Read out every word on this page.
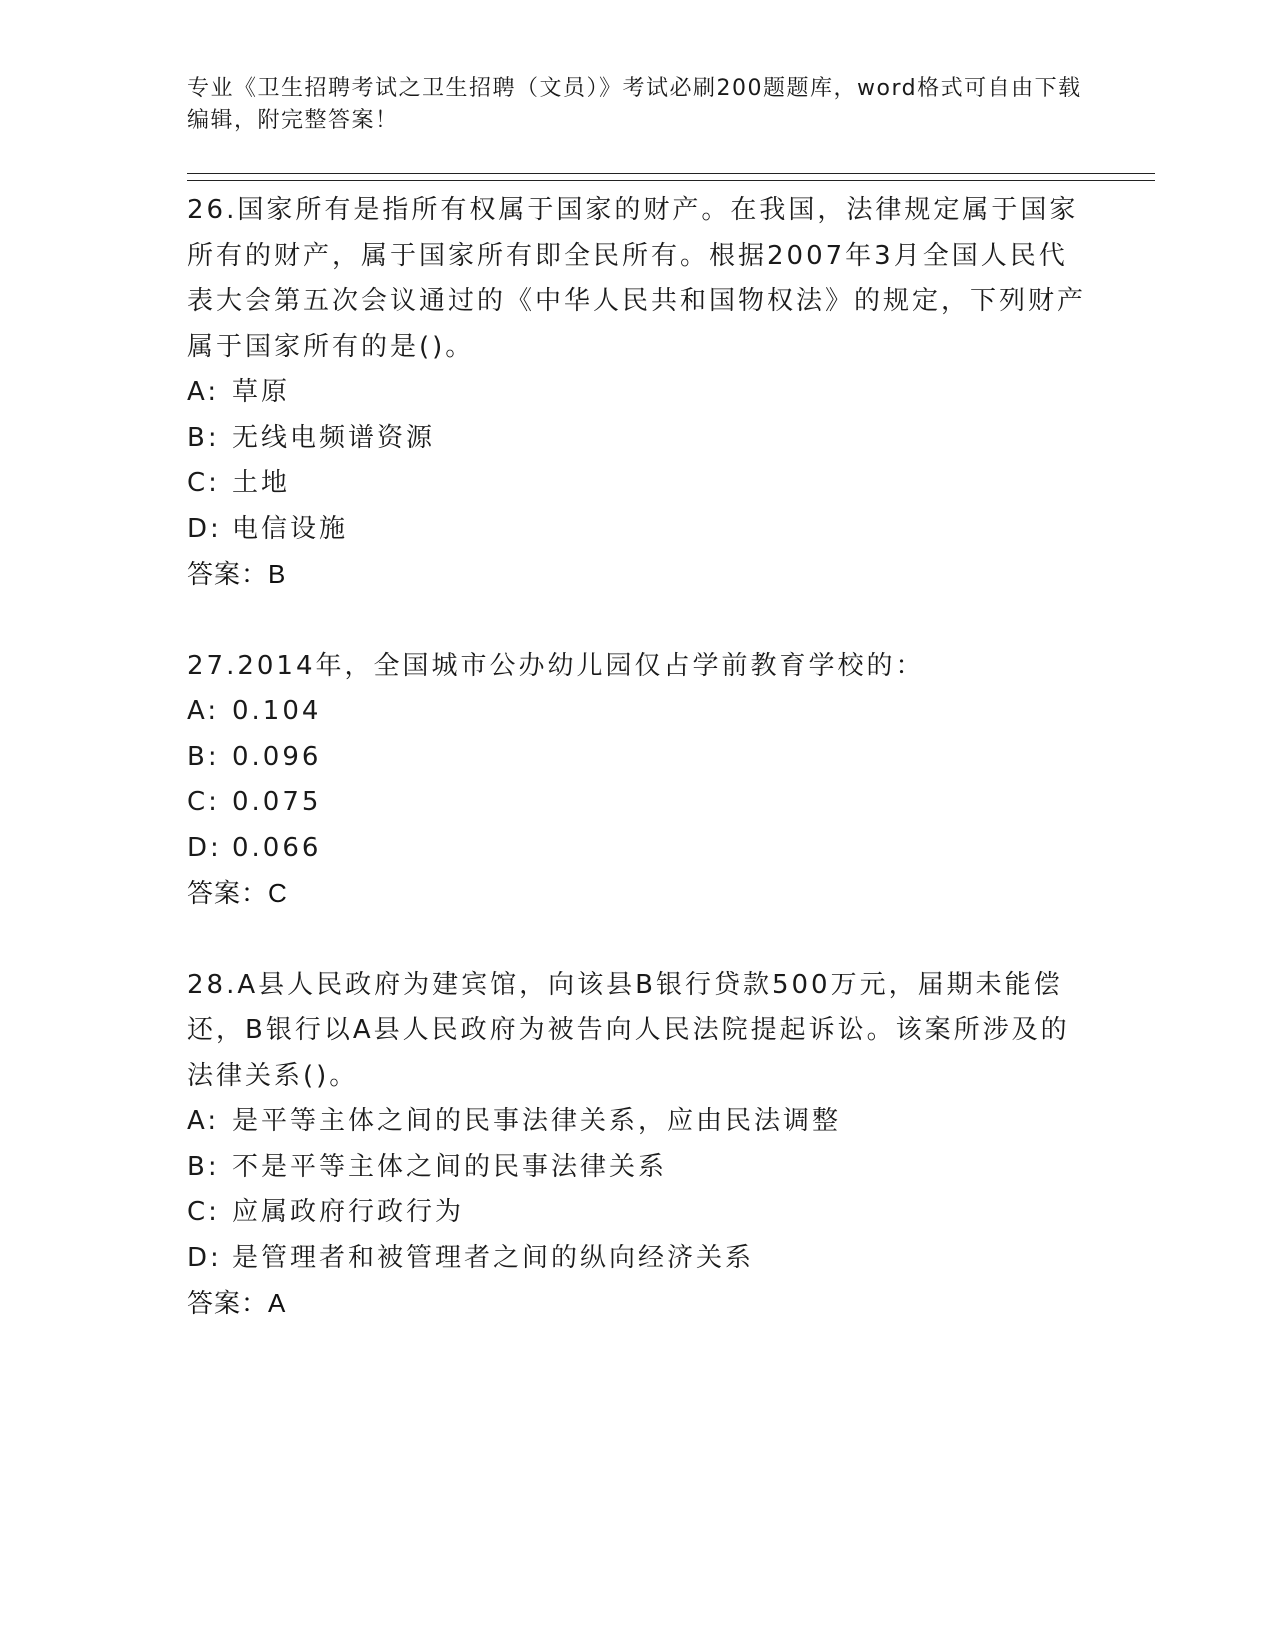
专业《卫生招聘考试之卫生招聘（文员）》考试必刷200题题库，word格式可自由下载编辑，附完整答案！
26.国家所有是指所有权属于国家的财产。在我国，法律规定属于国家所有的财产，属于国家所有即全民所有。根据2007年3月全国人民代表大会第五次会议通过的《中华人民共和国物权法》的规定，下列财产属于国家所有的是()。
A: 草原
B: 无线电频谱资源
C: 土地
D: 电信设施
答案：B
27.2014年，全国城市公办幼儿园仅占学前教育学校的：
A: 0.104
B: 0.096
C: 0.075
D: 0.066
答案：C
28.A县人民政府为建宾馆，向该县B银行贷款500万元，届期未能偿还，B银行以A县人民政府为被告向人民法院提起诉讼。该案所涉及的法律关系()。
A: 是平等主体之间的民事法律关系，应由民法调整
B: 不是平等主体之间的民事法律关系
C: 应属政府行政行为
D: 是管理者和被管理者之间的纵向经济关系
答案：A
